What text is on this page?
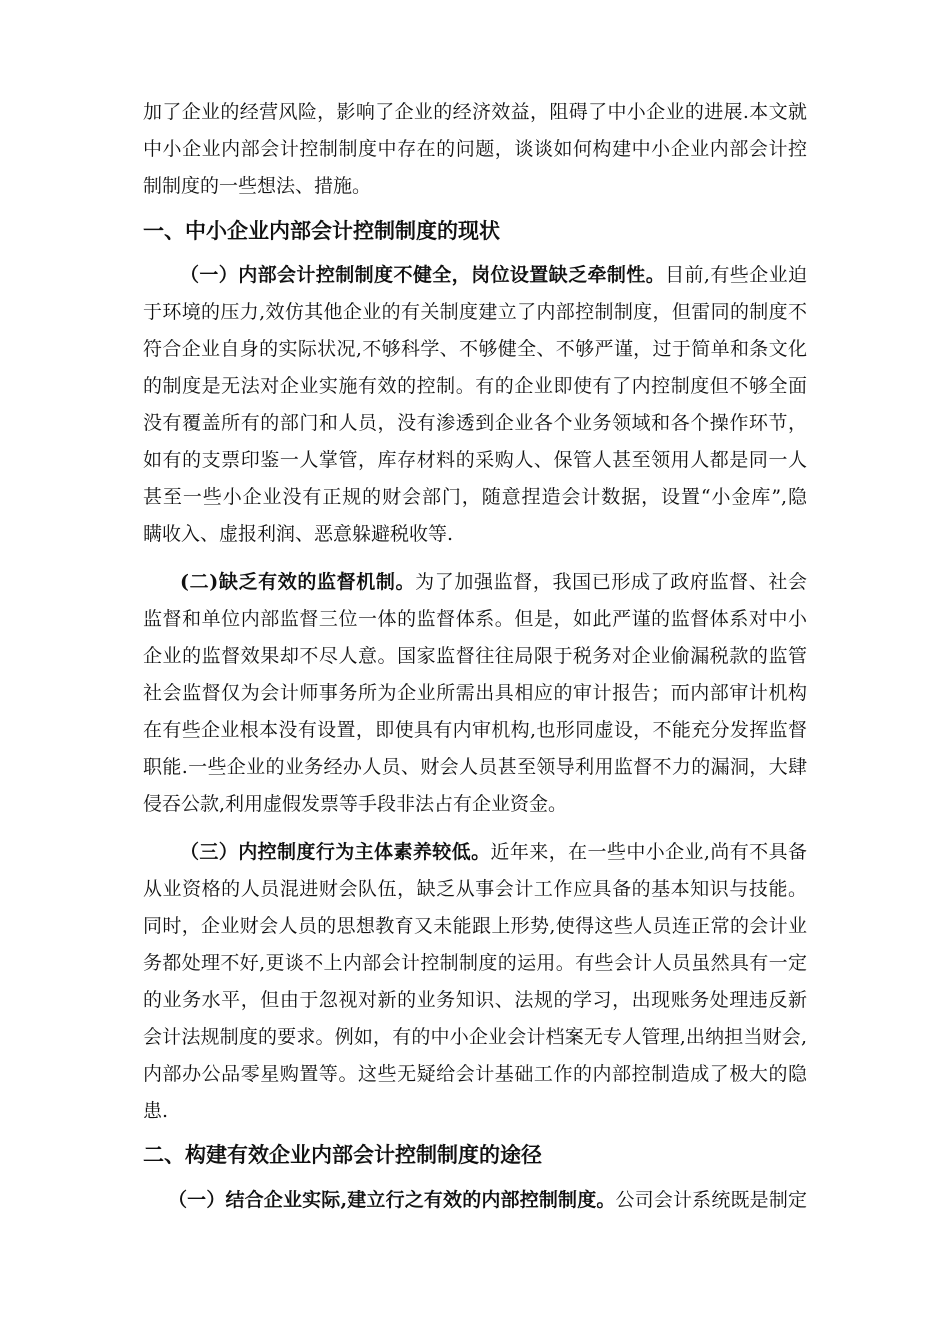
加了企业的经营风险，影响了企业的经济效益，阻碍了中小企业的进展.本文就
中小企业内部会计控制制度中存在的问题，谈谈如何构建中小企业内部会计控
制制度的一些想法、措施。
一、中小企业内部会计控制制度的现状
（一）内部会计控制制度不健全，岗位设置缺乏牵制性。目前,有些企业迫
于环境的压力,效仿其他企业的有关制度建立了内部控制制度，但雷同的制度不
符合企业自身的实际状况,不够科学、不够健全、不够严谨，过于简单和条文化
的制度是无法对企业实施有效的控制。有的企业即使有了内控制度但不够全面
没有覆盖所有的部门和人员，没有渗透到企业各个业务领域和各个操作环节，
如有的支票印鉴一人掌管，库存材料的采购人、保管人甚至领用人都是同一人
甚至一些小企业没有正规的财会部门，随意捏造会计数据，设置“小金库”,隐
瞒收入、虚报利润、恶意躲避税收等.
(二)缺乏有效的监督机制。为了加强监督，我国已形成了政府监督、社会
监督和单位内部监督三位一体的监督体系。但是，如此严谨的监督体系对中小
企业的监督效果却不尽人意。国家监督往往局限于税务对企业偷漏税款的监管
社会监督仅为会计师事务所为企业所需出具相应的审计报告；而内部审计机构
在有些企业根本没有设置，即使具有内审机构,也形同虚设，不能充分发挥监督
职能.一些企业的业务经办人员、财会人员甚至领导利用监督不力的漏洞，大肆
侵吞公款,利用虚假发票等手段非法占有企业资金。
（三）内控制度行为主体素养较低。近年来，在一些中小企业,尚有不具备
从业资格的人员混进财会队伍，缺乏从事会计工作应具备的基本知识与技能。
同时，企业财会人员的思想教育又未能跟上形势,使得这些人员连正常的会计业
务都处理不好,更谈不上内部会计控制制度的运用。有些会计人员虽然具有一定
的业务水平，但由于忽视对新的业务知识、法规的学习，出现账务处理违反新
会计法规制度的要求。例如，有的中小企业会计档案无专人管理,出纳担当财会,
内部办公品零星购置等。这些无疑给会计基础工作的内部控制造成了极大的隐
患.
二、构建有效企业内部会计控制制度的途径
（一）结合企业实际,建立行之有效的内部控制制度。公司会计系统既是制定
